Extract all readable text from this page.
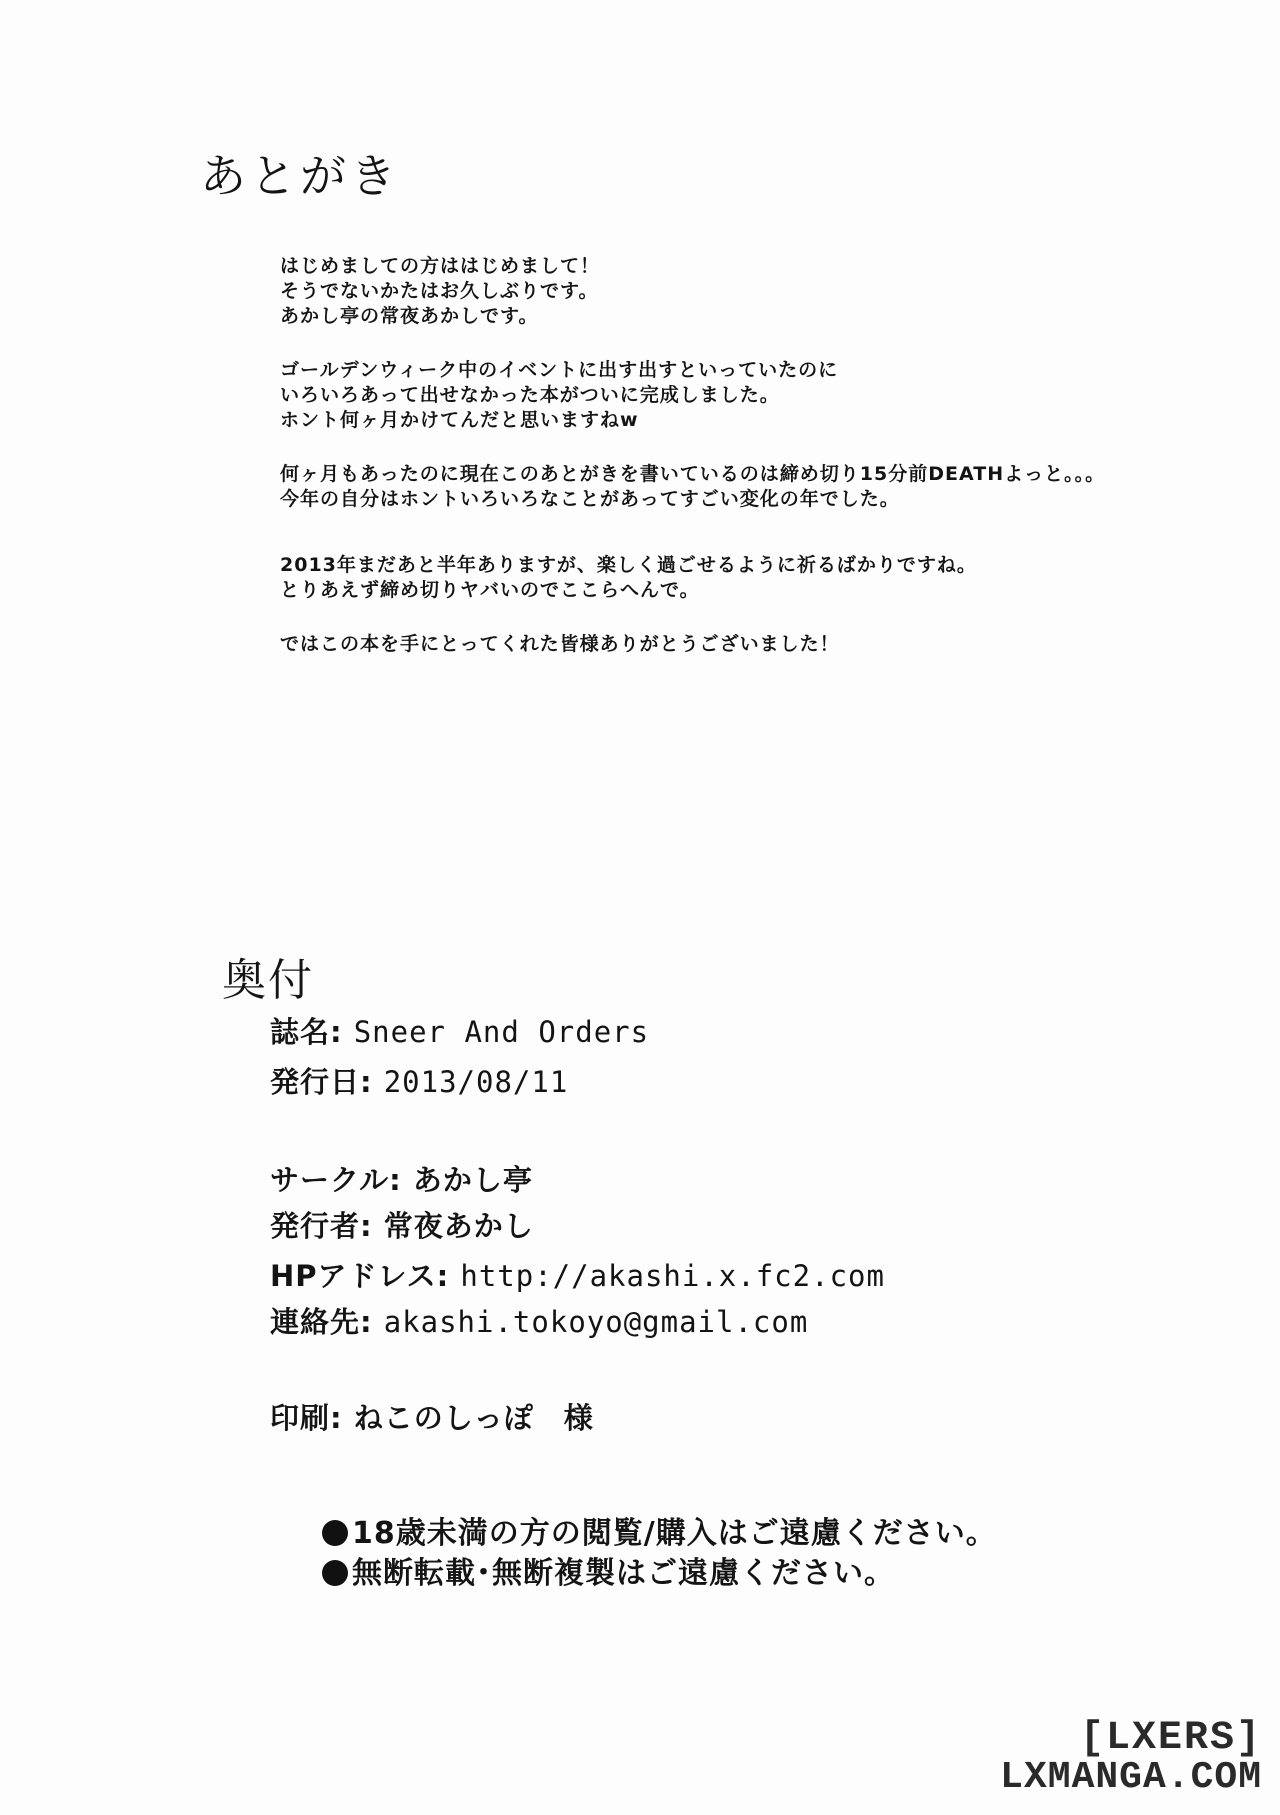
あとがき

はじめましての方ははじめまして！
そうでないかたはお久しぶりです。
あかし亭の常夜あかしです。

ゴールデンウィーク中のイベントに出す出すといっていたのに
いろいろあって出せなかった本がついに完成しました。
ホント何ヶ月かけてんだと思いますねw

何ヶ月もあったのに現在このあとがきを書いているのは締め切り15分前DEATHよっと。。。
今年の自分はホントいろいろなことがあってすごい変化の年でした。

2013年まだあと半年ありますが、楽しく過ごせるように祈るばかりですね。
とりあえず締め切りヤバいのでここらへんで。

ではこの本を手にとってくれた皆様ありがとうございました！

奥付
誌名: Sneer And Orders
発行日: 2013/08/11
サークル: あかし亭
発行者: 常夜あかし
HPアドレス: http://akashi.x.fc2.com
連絡先: akashi.tokoyo@gmail.com
印刷: ねこのしっぽ　様
18歳未満の方の閲覧/購入はご遠慮ください。
無断転載･無断複製はご遠慮ください。
[LXERS]
LXMANGA.COM
